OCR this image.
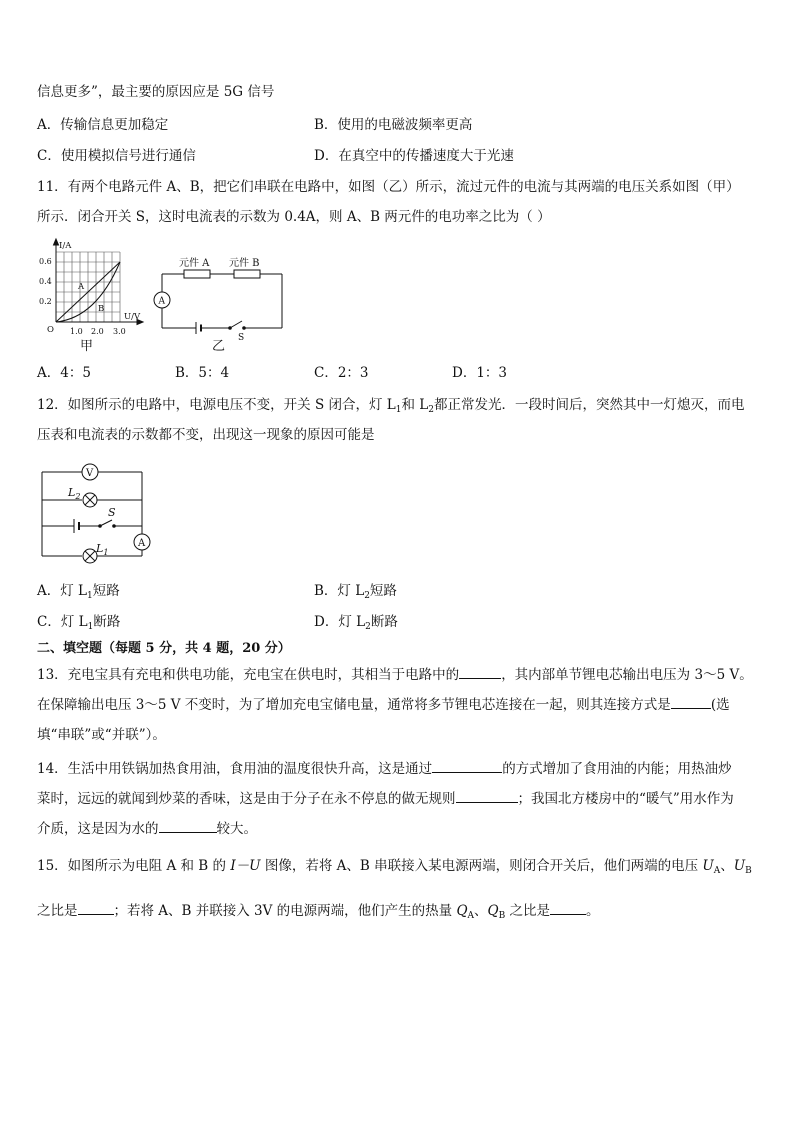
信息更多”，最主要的原因应是 5G 信号
A．传输信息更加稳定	B．使用的电磁波频率更高
C．使用模拟信号进行通信	D．在真空中的传播速度大于光速
11．有两个电路元件 A、B，把它们串联在电路中，如图（乙）所示，流过元件的电流与其两端的电压关系如图（甲）
所示．闭合开关 S，这时电流表的示数为 0.4A，则 A、B 两元件的电功率之比为（ ）
I/A
U/V
O
0.6
0.4
0.2
1.0 2.0 3.0
A
B
甲
元件 A 元件 B
A
S
乙
A．4：5	B．5：4	C．2：3	D．1：3
12．如图所示的电路中，电源电压不变，开关 S 闭合，灯 $L_1$和 $L_2$都正常发光．一段时间后，突然其中一灯熄灭，而电
压表和电流表的示数都不变，出现这一现象的原因可能是
V
A
$L_2$
$L_1$
S
A．灯 $L_1$短路	B．灯 $L_2$短路
C．灯 $L_1$断路	D．灯 $L_2$断路
二、填空题（每题 5 分，共 4 题，20 分）
13．充电宝具有充电和供电功能，充电宝在供电时，其相当于电路中的	，其内部单节锂电芯输出电压为 3～5 V。
在保障输出电压 3～5 V 不变时，为了增加充电宝储电量，通常将多节锂电芯连接在一起，则其连接方式是	(选
填“串联”或“并联”）。
14．生活中用铁锅加热食用油，食用油的温度很快升高，这是通过	的方式增加了食用油的内能；用热油炒
菜时，远远的就闻到炒菜的香味，这是由于分子在永不停息的做无规则	；我国北方楼房中的“暖气”用水作为
介质，这是因为水的	较大。
15．如图所示为电阻 A 和 B 的 I－U 图像，若将 A、B 串联接入某电源两端，则闭合开关后，他们两端的电压 $U_A$、$U_B$
之比是	；若将 A、B 并联接入 3V 的电源两端，他们产生的热量 $Q_A$、$Q_B$ 之比是	。
